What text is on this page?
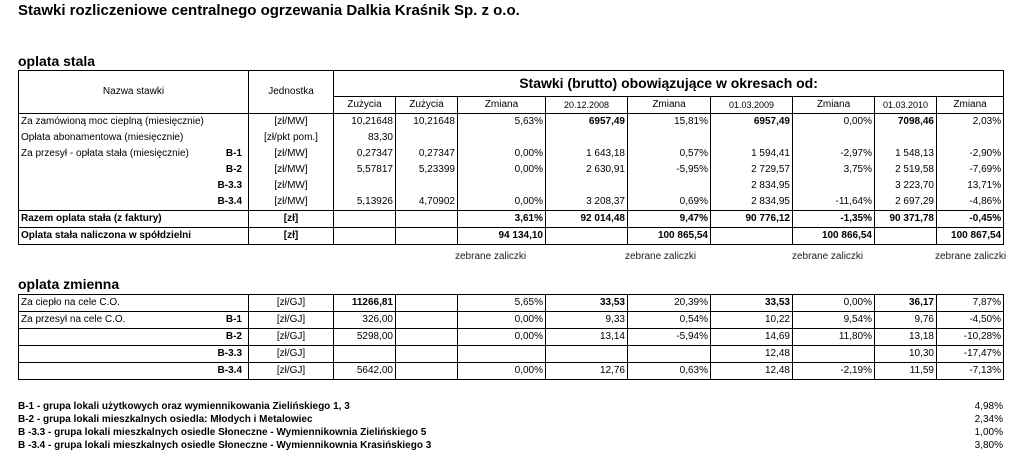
Stawki rozliczeniowe centralnego ogrzewania Dalkia Kraśnik Sp. z o.o.
oplata stala
Nazwa stawki	Jednostka	Stawki (brutto) obowiązujące w okresach od:								
		Zużycia	Zużycia	Zmiana	20.12.2008	Zmiana	01.03.2009	Zmiana	01.03.2010	Zmiana

Za zamówioną moc cieplną (miesięcznie)	[zł/MW]	10,21648	10,21648	5,63%	6957,49	15,81%	6957,49	0,00%	7098,46	2,03%

Opłata abonamentowa (miesięcznie)	[zł/pkt pom.]	83,30								

Za przesył - opłata stała (miesięcznie) B-1	[zł/MW]	0,27347	0,27347	0,00%	1 643,18	0,57%	1 594,41	-2,97%	1 548,13	-2,90%

B-2	[zł/MW]	5,57817	5,23399	0,00%	2 630,91	-5,95%	2 729,57	3,75%	2 519,58	-7,69%

B-3.3	[zł/MW]						2 834,95		3 223,70	13,71%

B-3.4	[zł/MW]	5,13926	4,70902	0,00%	3 208,37	0,69%	2 834,95	-11,64%	2 697,29	-4,86%

Razem oplata stała (z faktury)	[zł]			3,61%	92 014,48	9,47%	90 776,12	-1,35%	90 371,78	-0,45%

Oplata stała naliczona w spółdzielni	[zł]			94 134,10		100 865,54		100 866,54		100 867,54
zebrane zaliczki	zebrane zaliczki	zebrane zaliczki	zebrane zaliczki
oplata zmienna
Za ciepło na cele C.O.	[zł/GJ]	11266,81		5,65%	33,53	20,39%	33,53	0,00%	36,17	7,87%

Za przesył na cele C.O. B-1	[zł/GJ]	326,00		0,00%	9,33	0,54%	10,22	9,54%	9,76	-4,50%

B-2	[zł/GJ]	5298,00		0,00%	13,14	-5,94%	14,69	11,80%	13,18	-10,28%

B-3.3	[zł/GJ]						12,48		10,30	-17,47%

B-3.4	[zł/GJ]	5642,00		0,00%	12,76	0,63%	12,48	-2,19%	11,59	-7,13%
B-1 - grupa lokali użytkowych oraz wymiennikowania Zielińskiego 1, 3	4,98%
B-2 - grupa lokali mieszkalnych osiedla: Młodych i Metalowiec	2,34%
B -3.3 - grupa lokali mieszkalnych osiedle Słoneczne - Wymiennikownia Zielińskiego 5	1,00%
B -3.4 - grupa lokali mieszkalnych osiedle Słoneczne - Wymiennikownia Krasińskiego 3	3,80%
